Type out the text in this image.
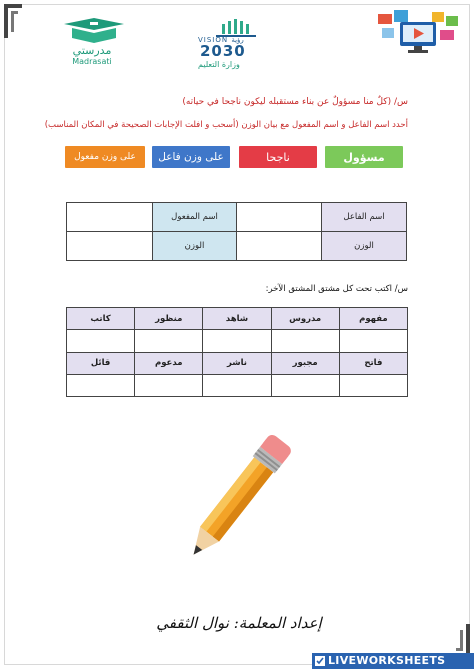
مدرستي
Madrasati
VISION رؤية
2030
وزارة التعليم
س/ (كلٌ منا مسؤولٌ عن بناء مستقبله ليكون ناجحا في حياته)
أحدد اسم الفاعل و اسم المفعول مع بيان الوزن (أسحب و افلت الإجابات الصحيحة في المكان المناسب)
مسؤول
ناجحا
على وزن فاعل
على وزن مفعول
	اسم المفعول		اسم الفاعل
	الوزن		الوزن
س/ اكتب تحت كل مشتق المشتق الآخر:
كاتب	منظور	شاهد	مدروس	مفهوم

قائل	مدعوم	ناشر	مجبور	فاتح

إعداد المعلمة: نوال الثقفي
LIVEWORKSHEETS
